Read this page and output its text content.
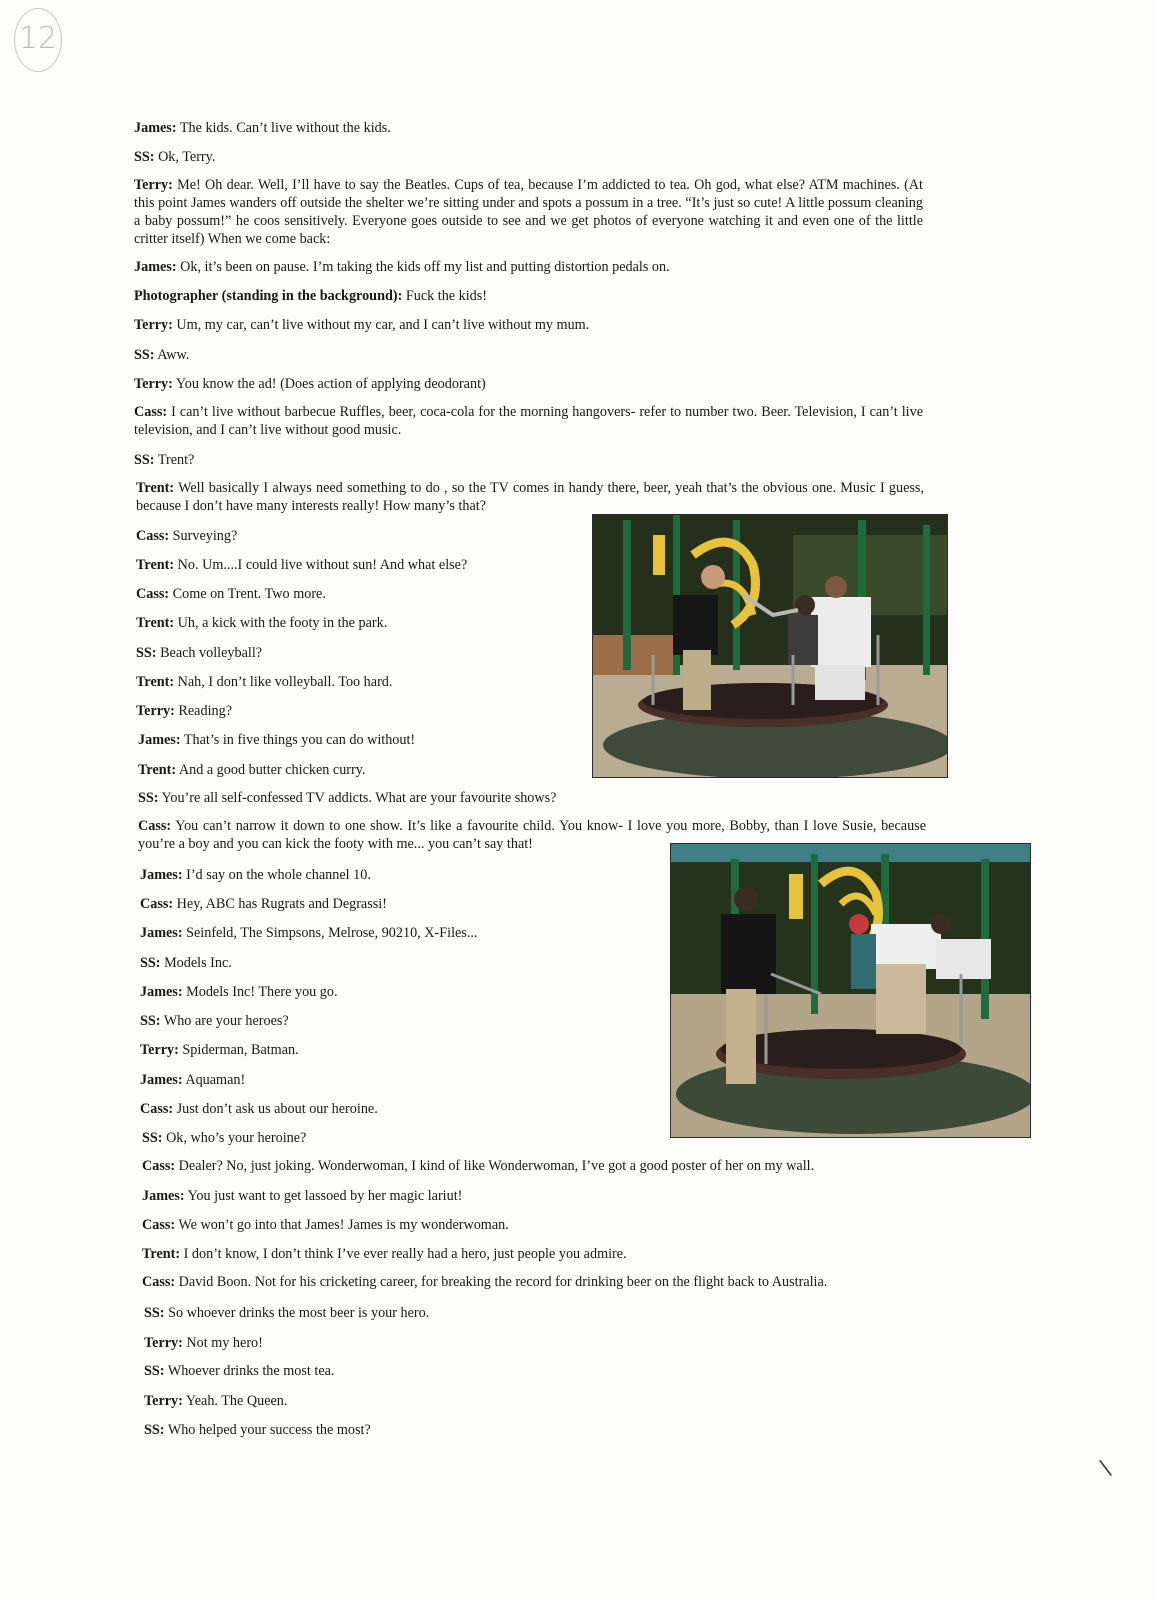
12
\

James: The kids. Can’t live without the kids.

SS: Ok, Terry.

Terry: Me! Oh dear. Well, I’ll have to say the Beatles. Cups of tea, because I’m addicted to tea. Oh god, what else? ATM machines. (At this point James wanders off outside the shelter we’re sitting under and spots a possum in a tree. “It’s just so cute! A little possum cleaning a baby possum!” he coos sensitively. Everyone goes outside to see and we get photos of everyone watching it and even one of the little critter itself) When we come back:

James: Ok, it’s been on pause. I’m taking the kids off my list and putting distortion pedals on.

Photographer (standing in the background): Fuck the kids!

Terry: Um, my car, can’t live without my car, and I can’t live without my mum.

SS: Aww.

Terry: You know the ad! (Does action of applying deodorant)

Cass: I can’t live without barbecue Ruffles, beer, coca-cola for the morning hangovers- refer to number two. Beer. Television, I can’t live television, and I can’t live without good music.

SS: Trent?

Trent: Well basically I always need something to do , so the TV comes in handy there, beer, yeah that’s the obvious one. Music I guess, because I don’t have many interests really! How many’s that?

Cass: Surveying?

Trent: No. Um....I could live without sun! And what else?

Cass: Come on Trent. Two more.

Trent: Uh, a kick with the footy in the park.

SS: Beach volleyball?

Trent: Nah, I don’t like volleyball. Too hard.

Terry: Reading?

James: That’s in five things you can do without!

Trent: And a good butter chicken curry.

SS: You’re all self-confessed TV addicts. What are your favourite shows?

Cass: You can’t narrow it down to one show. It’s like a favourite child. You know- I love you more, Bobby, than I love Susie, because you’re a boy and you can kick the footy with me... you can’t say that!

James: I’d say on the whole channel 10.

Cass: Hey, ABC has Rugrats and Degrassi!

James: Seinfeld, The Simpsons, Melrose, 90210, X-Files...

SS: Models Inc.

James: Models Inc! There you go.

SS: Who are your heroes?

Terry: Spiderman, Batman.

James: Aquaman!

Cass: Just don’t ask us about our heroine.

SS: Ok, who’s your heroine?

Cass: Dealer? No, just joking. Wonderwoman, I kind of like Wonderwoman, I’ve got a good poster of her on my wall.

James: You just want to get lassoed by her magic lariut!

Cass: We won’t go into that James! James is my wonderwoman.

Trent: I don’t know, I don’t think I’ve ever really had a hero, just people you admire.

Cass: David Boon. Not for his cricketing career, for breaking the record for drinking beer on the flight back to Australia.

SS: So whoever drinks the most beer is your hero.

Terry: Not my hero!

SS: Whoever drinks the most tea.

Terry: Yeah. The Queen.

SS: Who helped your success the most?
